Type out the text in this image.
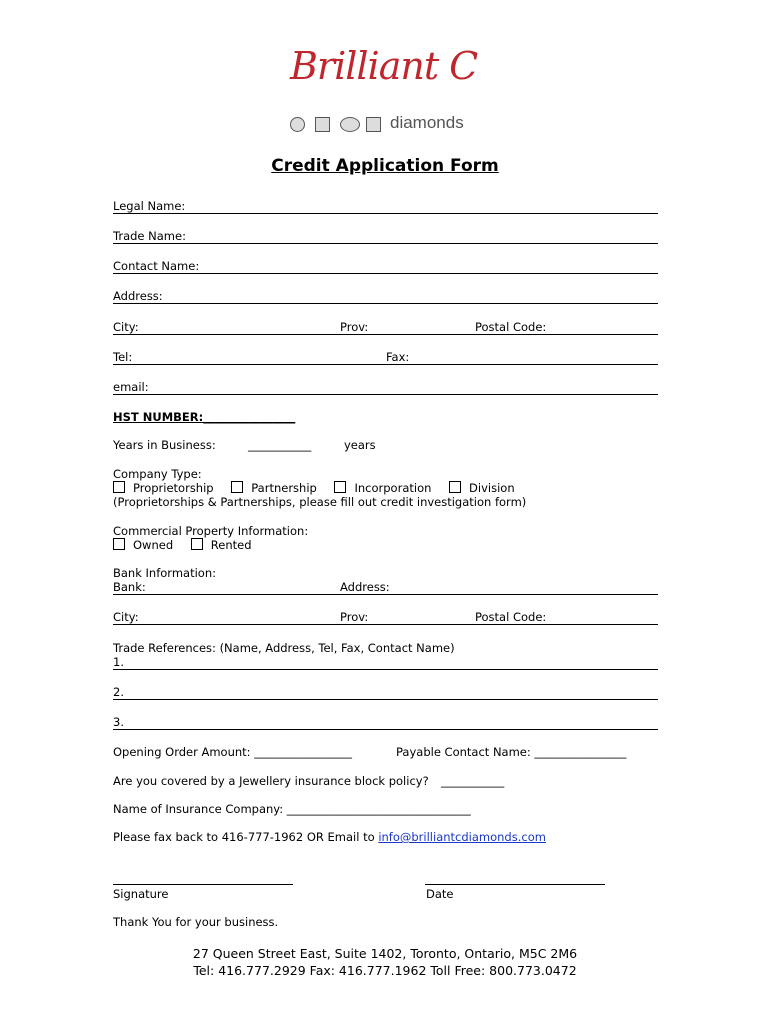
Brilliant C
diamonds
Credit Application Form
Legal Name:
Trade Name:
Contact Name:
Address:
City:	Prov:	Postal Code:
Tel:	Fax:
email:
HST NUMBER:________________
Years in Business:	___________	years
Company Type:
Proprietorship	Partnership	Incorporation	Division
(Proprietorships & Partnerships, please fill out credit investigation form)
Commercial Property Information:
Owned	Rented
Bank Information:
Bank:	Address:
City:	Prov:	Postal Code:
Trade References: (Name, Address, Tel, Fax, Contact Name)
1.
2.
3.
Opening Order Amount: _________________	Payable Contact Name: ________________
Are you covered by a Jewellery insurance block policy? ___________
Name of Insurance Company: ________________________________
Please fax back to 416-777-1962 OR Email to info@brilliantcdiamonds.com
Signature	Date
Thank You for your business.
27 Queen Street East, Suite 1402, Toronto, Ontario, M5C 2M6
Tel: 416.777.2929 Fax: 416.777.1962 Toll Free: 800.773.0472
